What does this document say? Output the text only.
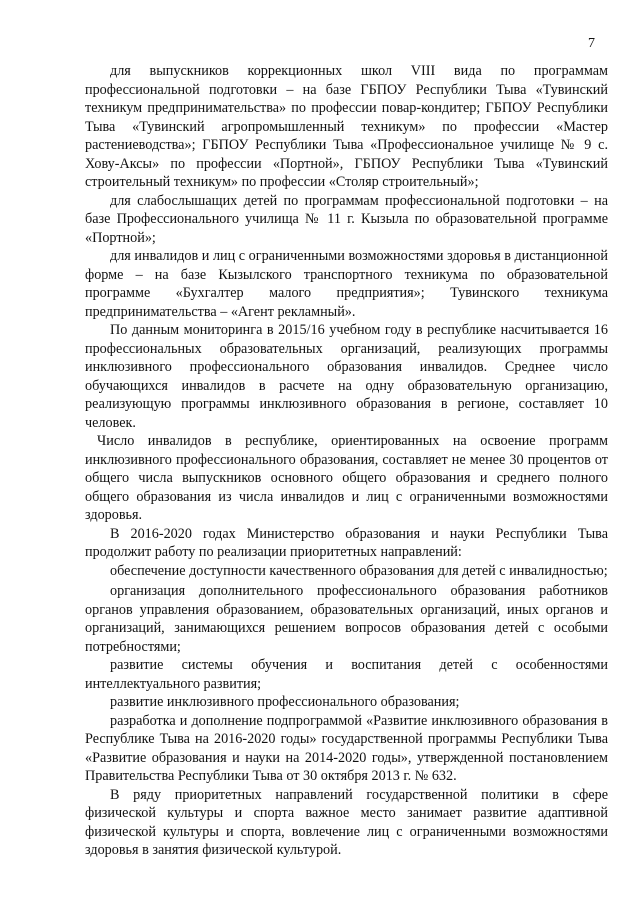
7

для выпускников коррекционных школ VIII вида по программам профессиональной подготовки – на базе ГБПОУ Республики Тыва «Тувинский техникум предпринимательства» по профессии повар-кондитер; ГБПОУ Республики Тыва «Тувинский агропромышленный техникум» по профессии «Мастер растениеводства»; ГБПОУ Республики Тыва «Профессиональное училище № 9 с. Хову-Аксы» по профессии «Портной», ГБПОУ Республики Тыва «Тувинский строительный техникум» по профессии «Столяр строительный»;

для слабослышащих детей по программам профессиональной подготовки – на базе Профессионального училища № 11 г. Кызыла по образовательной программе «Портной»;

для инвалидов и лиц с ограниченными возможностями здоровья в дистанционной форме – на базе Кызылского транспортного техникума по образовательной программе «Бухгалтер малого предприятия»; Тувинского техникума предпринимательства – «Агент рекламный».

По данным мониторинга в 2015/16 учебном году в республике насчитывается 16 профессиональных образовательных организаций, реализующих программы инклюзивного профессионального образования инвалидов. Среднее число обучающихся инвалидов в расчете на одну образовательную организацию, реализующую программы инклюзивного образования в регионе, составляет 10 человек.

Число инвалидов в республике, ориентированных на освоение программ инклюзивного профессионального образования, составляет не менее 30 процентов от общего числа выпускников основного общего образования и среднего полного общего образования из числа инвалидов и лиц с ограниченными возможностями здоровья.

В 2016-2020 годах Министерство образования и науки Республики Тыва продолжит работу по реализации приоритетных направлений:

обеспечение доступности качественного образования для детей с инвалидностью;

организация дополнительного профессионального образования работников органов управления образованием, образовательных организаций, иных органов и организаций, занимающихся решением вопросов образования детей с особыми потребностями;

развитие системы обучения и воспитания детей с особенностями интеллектуального развития;

развитие инклюзивного профессионального образования;

разработка и дополнение подпрограммой «Развитие инклюзивного образования в Республике Тыва на 2016-2020 годы» государственной программы Республики Тыва «Развитие образования и науки на 2014-2020 годы», утвержденной постановлением Правительства Республики Тыва от 30 октября 2013 г. № 632.

В ряду приоритетных направлений государственной политики в сфере физической культуры и спорта важное место занимает развитие адаптивной физической культуры и спорта, вовлечение лиц с ограниченными возможностями здоровья в занятия физической культурой.
